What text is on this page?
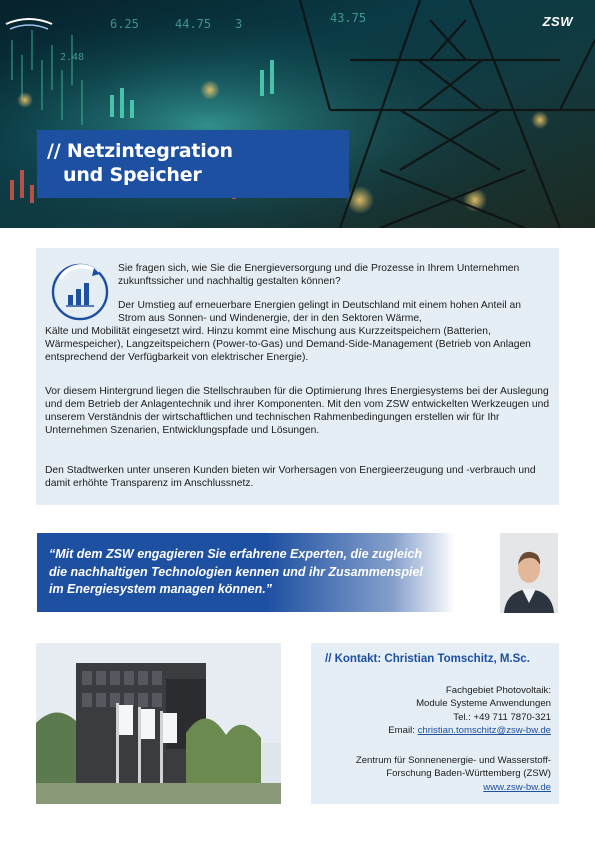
6.25	44.75 3	43.75
2.48
ZSW
// Netzintegration
und Speicher
Sie fragen sich, wie Sie die Energieversorgung und die Prozesse in Ihrem Unternehmen zukunftssicher und nachhaltig gestalten können?
Der Umstieg auf erneuerbare Energien gelingt in Deutschland mit einem hohen Anteil an Strom aus Sonnen- und Windenergie, der in den Sektoren Wärme,
Kälte und Mobilität eingesetzt wird. Hinzu kommt eine Mischung aus Kurzzeitspeichern (Batterien, Wärmespeicher), Langzeitspeichern (Power-to-Gas) und Demand-Side-Management (Betrieb von Anlagen entsprechend der Verfügbarkeit von elektrischer Energie).
Vor diesem Hintergrund liegen die Stellschrauben für die Optimierung Ihres Energiesystems bei der Auslegung und dem Betrieb der Anlagentechnik und ihrer Komponenten. Mit den vom ZSW entwickelten Werkzeugen und unserem Verständnis der wirtschaftlichen und technischen Rahmenbedingungen erstellen wir für Ihr Unternehmen Szenarien, Entwicklungspfade und Lösungen.
Den Stadtwerken unter unseren Kunden bieten wir Vorhersagen von Energieerzeugung und -verbrauch und damit erhöhte Transparenz im Anschlussnetz.
“Mit dem ZSW engagieren Sie erfahrene Experten, die zugleich die nachhaltigen Technologien kennen und ihr Zusammenspiel im Energiesystem managen können.”
// Kontakt: Christian Tomschitz, M.Sc.
Fachgebiet Photovoltaik:
Module Systeme Anwendungen
Tel.: +49 711 7870-321
Email: christian.tomschitz@zsw-bw.de
Zentrum für Sonnenenergie- und Wasserstoff-
Forschung Baden-Württemberg (ZSW)
www.zsw-bw.de
